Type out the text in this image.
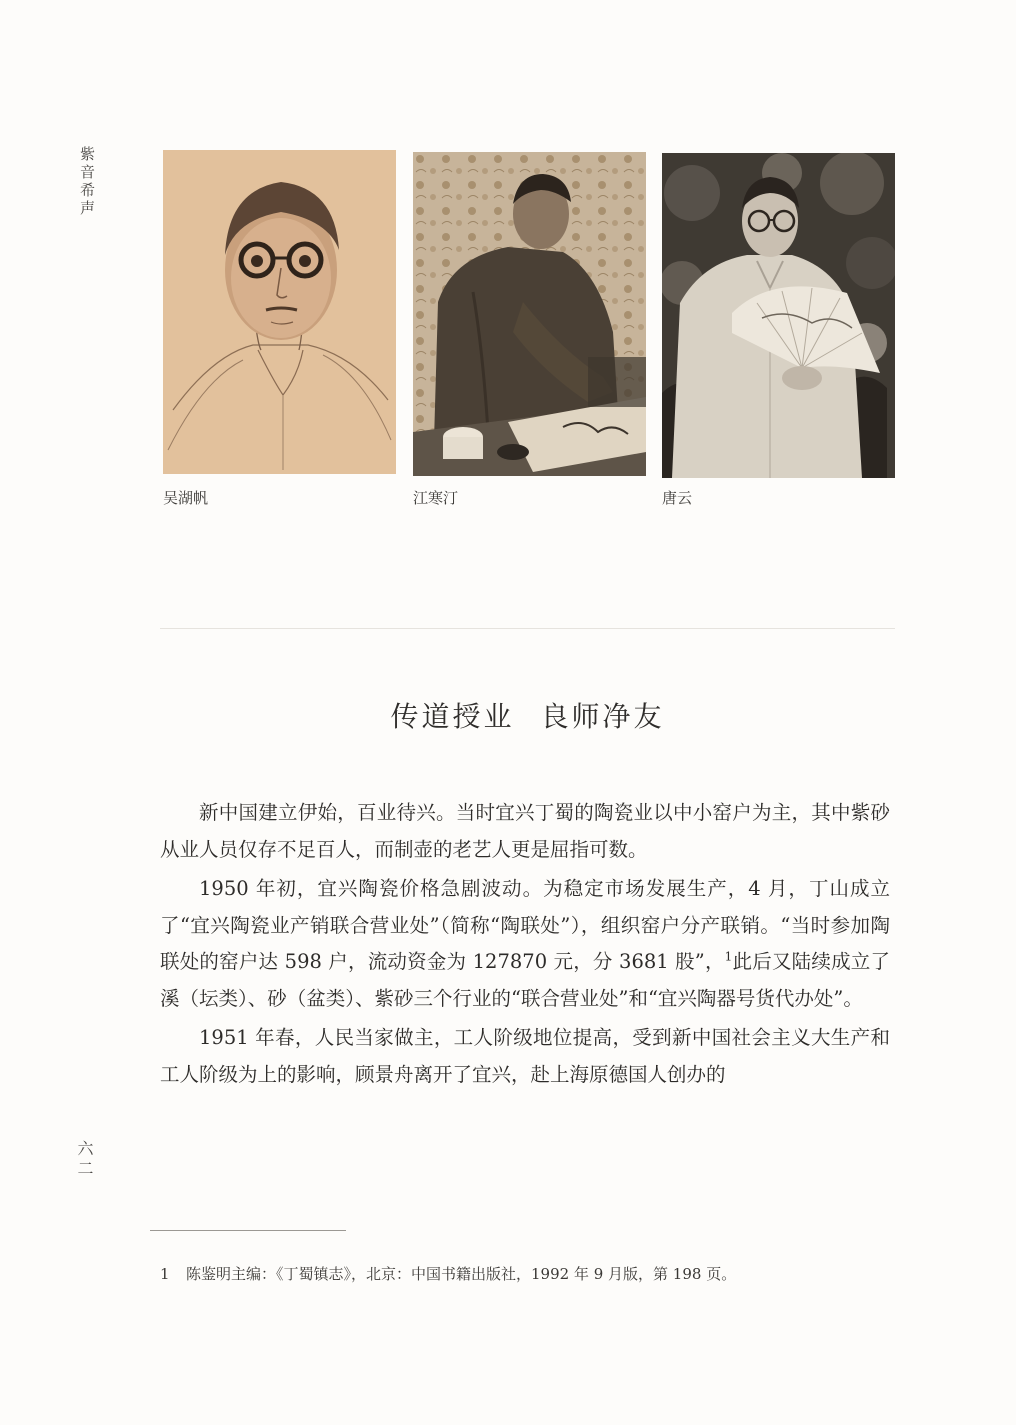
紫音希声
吴湖帆	江寒汀	唐云
传道授业 良师净友

新中国建立伊始，百业待兴。当时宜兴丁蜀的陶瓷业以中小窑户为主，其中紫砂从业人员仅存不足百人，而制壶的老艺人更是屈指可数。

1950 年初，宜兴陶瓷价格急剧波动。为稳定市场发展生产，4 月，丁山成立了“宜兴陶瓷业产销联合营业处”（简称“陶联处”），组织窑户分产联销。“当时参加陶联处的窑户达 598 户，流动资金为 127870 元，分 3681 股”，$^1$此后又陆续成立了溪（坛类）、砂（盆类）、紫砂三个行业的“联合营业处”和“宜兴陶器号货代办处”。

1951 年春，人民当家做主，工人阶级地位提高，受到新中国社会主义大生产和工人阶级为上的影响，顾景舟离开了宜兴，赴上海原德国人创办的

六二
1 陈鉴明主编：《丁蜀镇志》，北京：中国书籍出版社，1992 年 9 月版，第 198 页。
